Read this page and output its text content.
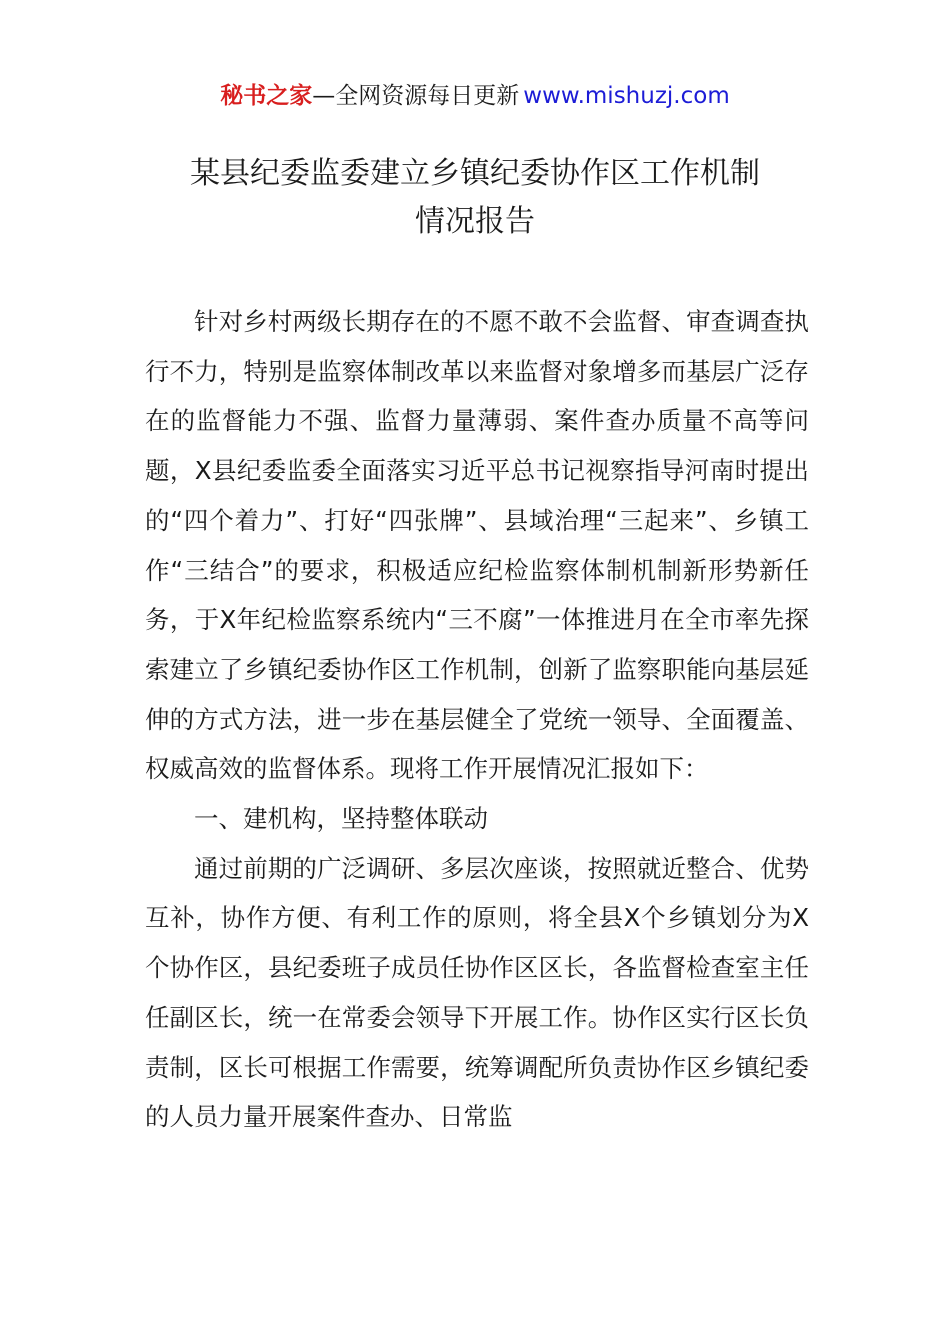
秘书之家—全网资源每日更新 www.mishuzj.com
某县纪委监委建立乡镇纪委协作区工作机制
情况报告

针对乡村两级长期存在的不愿不敢不会监督、审查调查执行不力，特别是监察体制改革以来监督对象增多而基层广泛存在的监督能力不强、监督力量薄弱、案件查办质量不高等问题，X县纪委监委全面落实习近平总书记视察指导河南时提出的“四个着力”、打好“四张牌”、县域治理“三起来”、乡镇工作“三结合”的要求，积极适应纪检监察体制机制新形势新任务，于X年纪检监察系统内“三不腐”一体推进月在全市率先探索建立了乡镇纪委协作区工作机制，创新了监察职能向基层延伸的方式方法，进一步在基层健全了党统一领导、全面覆盖、权威高效的监督体系。现将工作开展情况汇报如下：

一、建机构，坚持整体联动

通过前期的广泛调研、多层次座谈，按照就近整合、优势互补，协作方便、有利工作的原则，将全县X个乡镇划分为X个协作区，县纪委班子成员任协作区区长，各监督检查室主任任副区长，统一在常委会领导下开展工作。协作区实行区长负责制，区长可根据工作需要，统筹调配所负责协作区乡镇纪委的人员力量开展案件查办、日常监
